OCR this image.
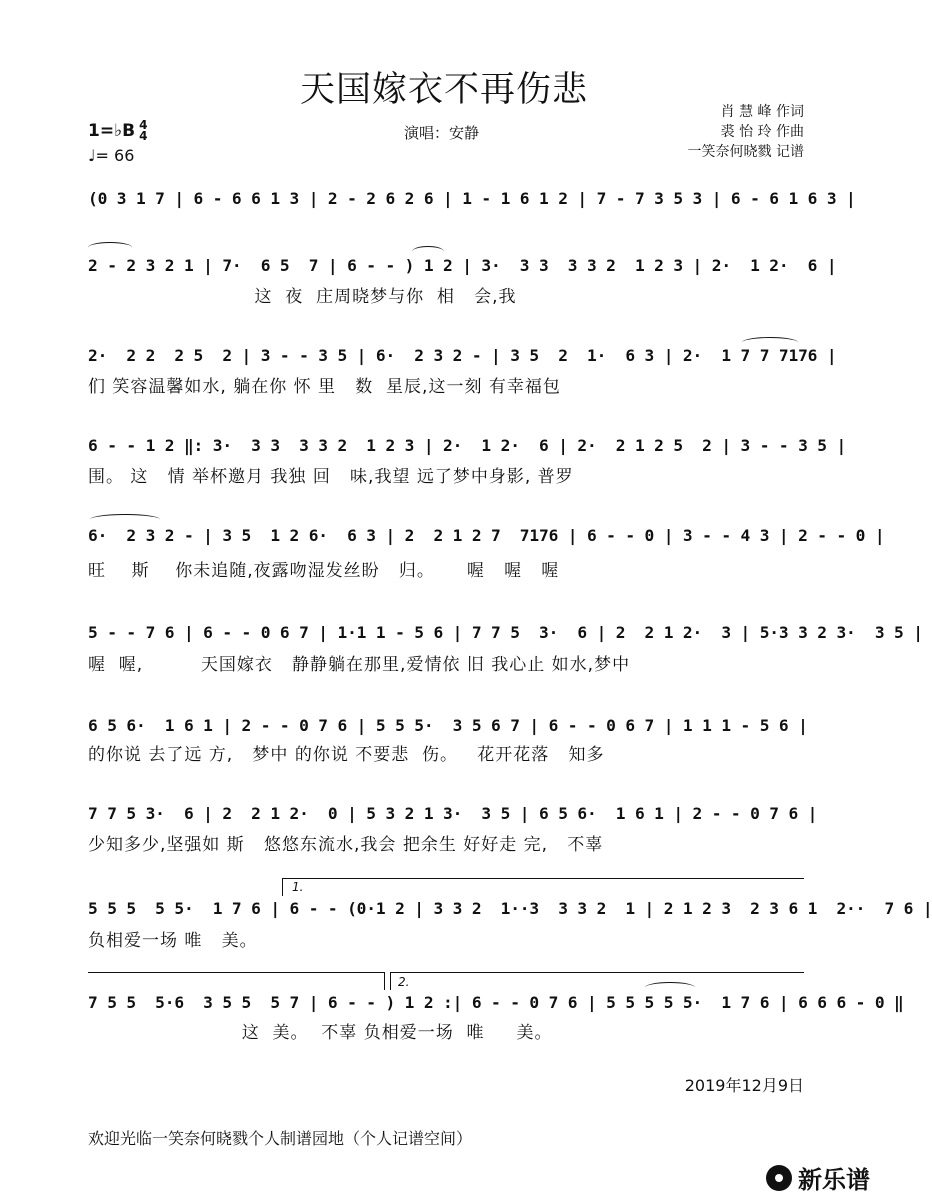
天国嫁衣不再伤悲
1=♭B 4
4
♩= 66
演唱：安静
肖 慧 峰 作词
裘 怡 玲 作曲
一笑奈何晓戮 记谱
(0 3 1 7 | 6 - 6 6 1 3 | 2 - 2 6 2 6 | 1 - 1 6 1 2 | 7 - 7 3 5 3 | 6 - 6 1 6 3 |
2 - 2 3 2 1 | 7·  6 5  7 | 6 - - ) 1 2 | 3·  3 3  3 3 2  1 2 3 | 2·  1 2·  6 |
这  夜  庄周晓梦与你  相   会,我
2·  2 2  2 5  2 | 3 - - 3 5 | 6·  2 3 2 - | 3 5  2  1·  6 3 | 2·  1 7 7 7176 |
们 笑容温馨如水, 躺在你 怀 里   数  星辰,这一刻 有幸福包
6 - - 1 2 ‖: 3·  3 3  3 3 2  1 2 3 | 2·  1 2·  6 | 2·  2 1 2 5  2 | 3 - - 3 5 |
围。 这   情 举杯邀月 我独 回   味,我望 远了梦中身影, 普罗
6·  2 3 2 - | 3 5  1 2 6·  6 3 | 2  2 1 2 7  7176 | 6 - - 0 | 3 - - 4 3 | 2 - - 0 |
旺    斯    你未追随,夜露吻湿发丝盼   归。     喔   喔   喔
5 - - 7 6 | 6 - - 0 6 7 | 1·1 1 - 5 6 | 7 7 5  3·  6 | 2  2 1 2·  3 | 5·3 3 2 3·  3 5 |
喔  喔,         天国嫁衣   静静躺在那里,爱情依 旧 我心止 如水,梦中
6 5 6·  1 6 1 | 2 - - 0 7 6 | 5 5 5·  3 5 6 7 | 6 - - 0 6 7 | 1 1 1 - 5 6 |
的你说 去了远 方,   梦中 的你说 不要悲  伤。   花开花落   知多
7 7 5 3·  6 | 2  2 1 2·  0 | 5 3 2 1 3·  3 5 | 6 5 6·  1 6 1 | 2 - - 0 7 6 |
少知多少,坚强如 斯   悠悠东流水,我会 把余生 好好走 完,   不辜
1.
5 5 5  5 5·  1 7 6 | 6 - - (0·1 2 | 3 3 2  1··3  3 3 2  1 | 2 1 2 3  2 3 6 1  2··  7 6 |
负相爱一场 唯   美。
2.
7 5 5  5·6  3 5 5  5 7 | 6 - - ) 1 2 :| 6 - - 0 7 6 | 5 5 5 5 5·  1 7 6 | 6 6 6 - 0 ‖
这  美。  不辜 负相爱一场  唯     美。
2019年12月9日
欢迎光临一笑奈何晓戮个人制谱园地（个人记谱空间）
新乐谱
